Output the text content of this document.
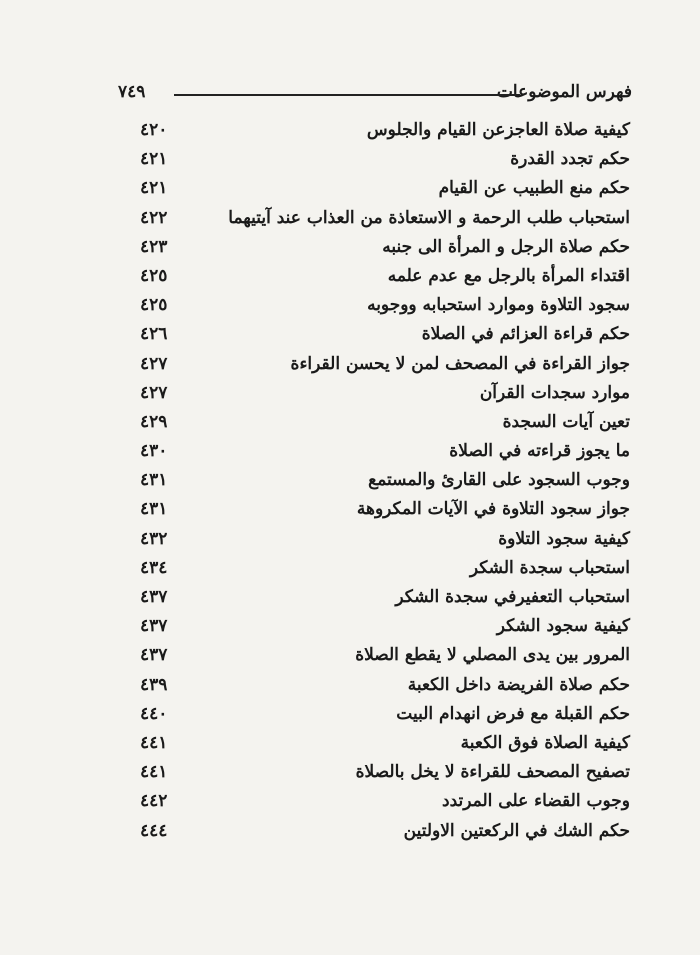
فهرس الموضوعات
٧٤٩
كيفية صلاة العاجزعن القيام والجلوس
٤٢٠
حكم تجدد القدرة
٤٢١
حكم منع الطبيب عن القيام
٤٢١
استحباب طلب الرحمة و الاستعاذة من العذاب عند آيتيهما
٤٢٢
حكم صلاة الرجل و المرأة الى جنبه
٤٢٣
اقتداء المرأة بالرجل مع عدم علمه
٤٢٥
سجود التلاوة وموارد استحبابه ووجوبه
٤٢٥
حكم قراءة العزائم في الصلاة
٤٢٦
جواز القراءة في المصحف لمن لا يحسن القراءة
٤٢٧
موارد سجدات القرآن
٤٢٧
تعين آيات السجدة
٤٢٩
ما يجوز قراءته في الصلاة
٤٣٠
وجوب السجود على القارئ والمستمع
٤٣١
جواز سجود التلاوة في الآيات المكروهة
٤٣١
كيفية سجود التلاوة
٤٣٢
استحباب سجدة الشكر
٤٣٤
استحباب التعفيرفي سجدة الشكر
٤٣٧
كيفية سجود الشكر
٤٣٧
المرور بين يدى المصلي لا يقطع الصلاة
٤٣٧
حكم صلاة الفريضة داخل الكعبة
٤٣٩
حكم القبلة مع فرض انهدام البيت
٤٤٠
كيفية الصلاة فوق الكعبة
٤٤١
تصفيح المصحف للقراءة لا يخل بالصلاة
٤٤١
وجوب القضاء على المرتدد
٤٤٢
حكم الشك في الركعتين الاولتين
٤٤٤
